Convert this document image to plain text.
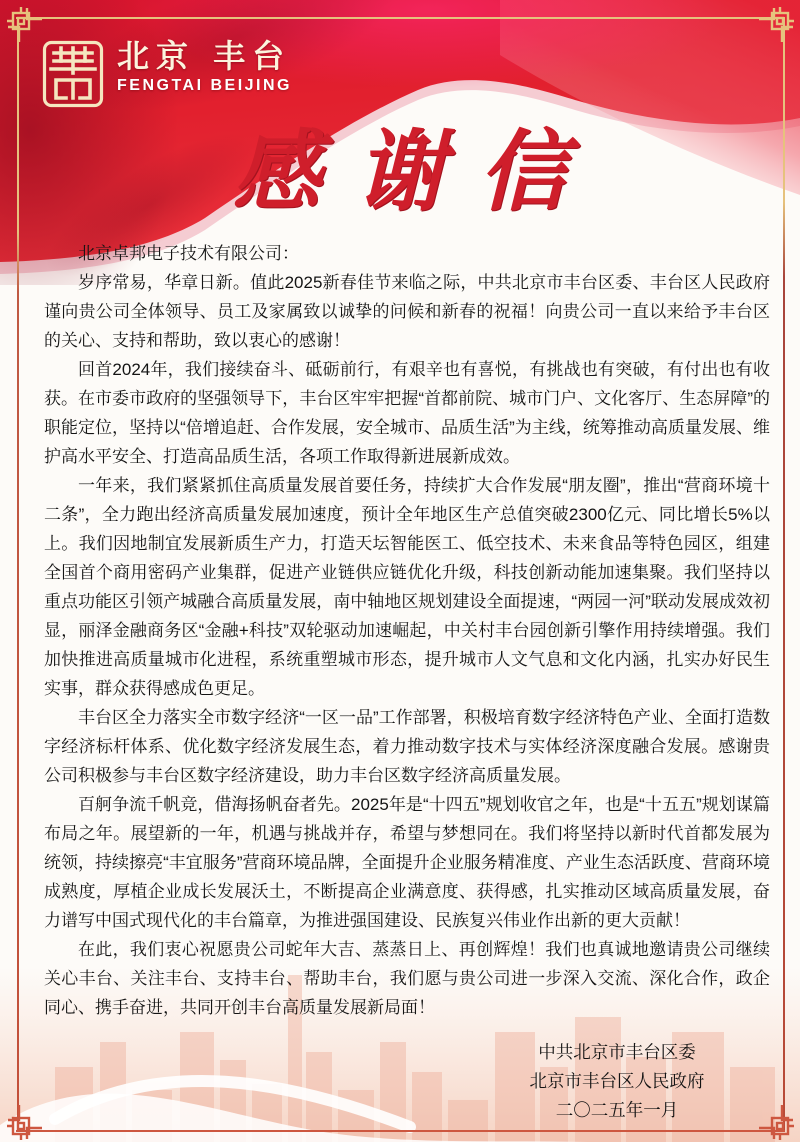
北京 丰台
FENGTAI BEIJING
感谢信

北京卓邦电子技术有限公司：

岁序常易，华章日新。值此2025新春佳节来临之际，中共北京市丰台区委、丰台区人民政府谨向贵公司全体领导、员工及家属致以诚挚的问候和新春的祝福！向贵公司一直以来给予丰台区的关心、支持和帮助，致以衷心的感谢！

回首2024年，我们接续奋斗、砥砺前行，有艰辛也有喜悦，有挑战也有突破，有付出也有收获。在市委市政府的坚强领导下，丰台区牢牢把握“首都前院、城市门户、文化客厅、生态屏障”的职能定位，坚持以“倍增追赶、合作发展，安全城市、品质生活”为主线，统筹推动高质量发展、维护高水平安全、打造高品质生活，各项工作取得新进展新成效。

一年来，我们紧紧抓住高质量发展首要任务，持续扩大合作发展“朋友圈”，推出“营商环境十二条”，全力跑出经济高质量发展加速度，预计全年地区生产总值突破2300亿元、同比增长5%以上。我们因地制宜发展新质生产力，打造天坛智能医工、低空技术、未来食品等特色园区，组建全国首个商用密码产业集群，促进产业链供应链优化升级，科技创新动能加速集聚。我们坚持以重点功能区引领产城融合高质量发展，南中轴地区规划建设全面提速，“两园一河”联动发展成效初显，丽泽金融商务区“金融+科技”双轮驱动加速崛起，中关村丰台园创新引擎作用持续增强。我们加快推进高质量城市化进程，系统重塑城市形态，提升城市人文气息和文化内涵，扎实办好民生实事，群众获得感成色更足。

丰台区全力落实全市数字经济“一区一品”工作部署，积极培育数字经济特色产业、全面打造数字经济标杆体系、优化数字经济发展生态，着力推动数字技术与实体经济深度融合发展。感谢贵公司积极参与丰台区数字经济建设，助力丰台区数字经济高质量发展。

百舸争流千帆竞，借海扬帆奋者先。2025年是“十四五”规划收官之年，也是“十五五”规划谋篇布局之年。展望新的一年，机遇与挑战并存，希望与梦想同在。我们将坚持以新时代首都发展为统领，持续擦亮“丰宜服务”营商环境品牌，全面提升企业服务精准度、产业生态活跃度、营商环境成熟度，厚植企业成长发展沃土，不断提高企业满意度、获得感，扎实推动区域高质量发展，奋力谱写中国式现代化的丰台篇章，为推进强国建设、民族复兴伟业作出新的更大贡献！

在此，我们衷心祝愿贵公司蛇年大吉、蒸蒸日上、再创辉煌！我们也真诚地邀请贵公司继续关心丰台、关注丰台、支持丰台、帮助丰台，我们愿与贵公司进一步深入交流、深化合作，政企同心、携手奋进，共同开创丰台高质量发展新局面！

中共北京市丰台区委
北京市丰台区人民政府
二〇二五年一月
